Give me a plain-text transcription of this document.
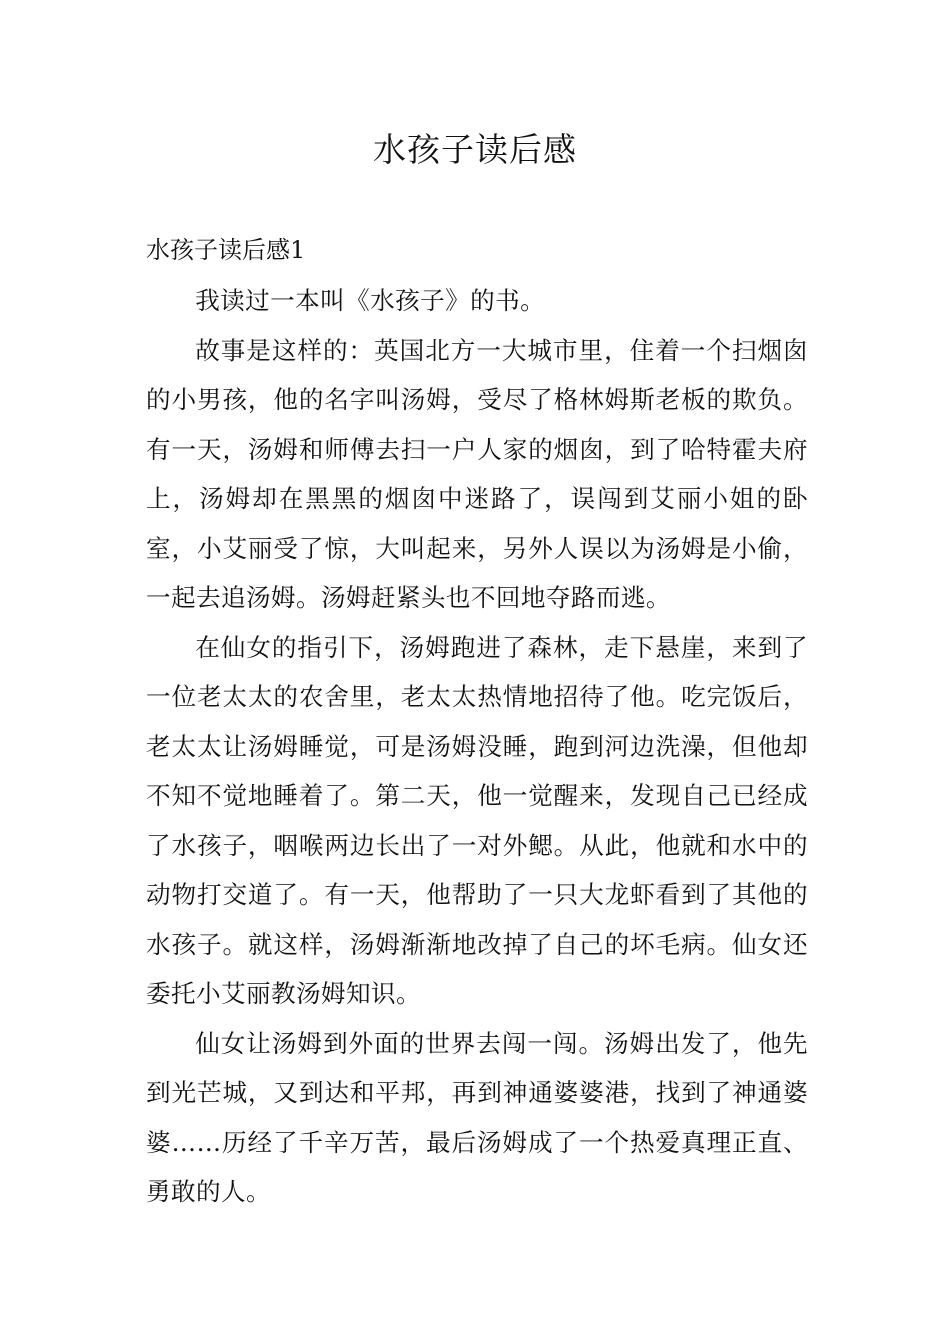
水孩子读后感
水孩子读后感1

我读过一本叫《水孩子》的书。

故事是这样的：英国北方一大城市里，住着一个扫烟囱的小男孩，他的名字叫汤姆，受尽了格林姆斯老板的欺负。有一天，汤姆和师傅去扫一户人家的烟囱，到了哈特霍夫府上，汤姆却在黑黑的烟囱中迷路了，误闯到艾丽小姐的卧室，小艾丽受了惊，大叫起来，另外人误以为汤姆是小偷，一起去追汤姆。汤姆赶紧头也不回地夺路而逃。

在仙女的指引下，汤姆跑进了森林，走下悬崖，来到了一位老太太的农舍里，老太太热情地招待了他。吃完饭后，老太太让汤姆睡觉，可是汤姆没睡，跑到河边洗澡，但他却不知不觉地睡着了。第二天，他一觉醒来，发现自己已经成了水孩子，咽喉两边长出了一对外鳃。从此，他就和水中的动物打交道了。有一天，他帮助了一只大龙虾看到了其他的水孩子。就这样，汤姆渐渐地改掉了自己的坏毛病。仙女还委托小艾丽教汤姆知识。

仙女让汤姆到外面的世界去闯一闯。汤姆出发了，他先到光芒城，又到达和平邦，再到神通婆婆港，找到了神通婆婆……历经了千辛万苦，最后汤姆成了一个热爱真理正直、勇敢的人。
